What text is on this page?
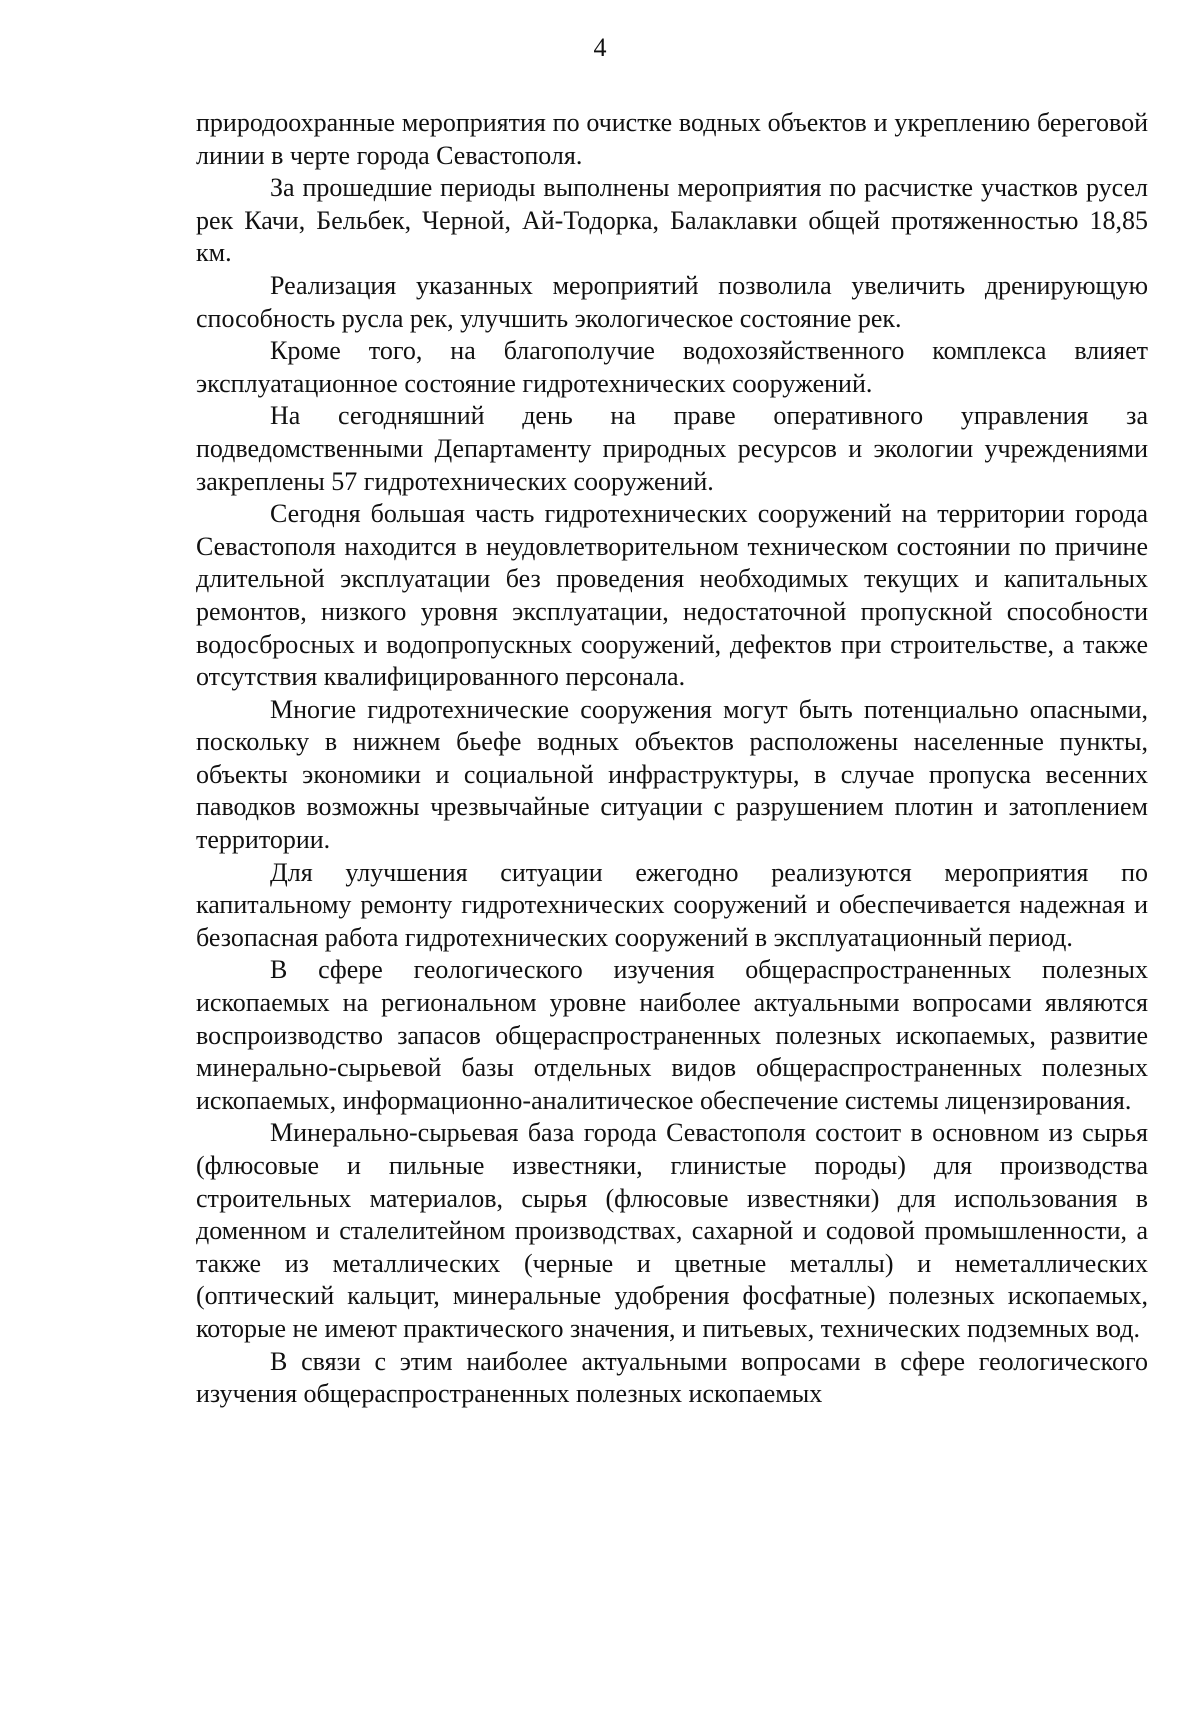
4

природоохранные мероприятия по очистке водных объектов и укреплению береговой линии в черте города Севастополя.

За прошедшие периоды выполнены мероприятия по расчистке участков русел рек Качи, Бельбек, Черной, Ай-Тодорка, Балаклавки общей протяженностью 18,85 км.

Реализация указанных мероприятий позволила увеличить дренирующую способность русла рек, улучшить экологическое состояние рек.

Кроме того, на благополучие водохозяйственного комплекса влияет эксплуатационное состояние гидротехнических сооружений.

На сегодняшний день на праве оперативного управления за подведомственными Департаменту природных ресурсов и экологии учреждениями закреплены 57 гидротехнических сооружений.

Сегодня большая часть гидротехнических сооружений на территории города Севастополя находится в неудовлетворительном техническом состоянии по причине длительной эксплуатации без проведения необходимых текущих и капитальных ремонтов, низкого уровня эксплуатации, недостаточной пропускной способности водосбросных и водопропускных сооружений, дефектов при строительстве, а также отсутствия квалифицированного персонала.

Многие гидротехнические сооружения могут быть потенциально опасными, поскольку в нижнем бьефе водных объектов расположены населенные пункты, объекты экономики и социальной инфраструктуры, в случае пропуска весенних паводков возможны чрезвычайные ситуации с разрушением плотин и затоплением территории.

Для улучшения ситуации ежегодно реализуются мероприятия по капитальному ремонту гидротехнических сооружений и обеспечивается надежная и безопасная работа гидротехнических сооружений в эксплуатационный период.

В сфере геологического изучения общераспространенных полезных ископаемых на региональном уровне наиболее актуальными вопросами являются воспроизводство запасов общераспространенных полезных ископаемых, развитие минерально-сырьевой базы отдельных видов общераспространенных полезных ископаемых, информационно-аналитическое обеспечение системы лицензирования.

Минерально-сырьевая база города Севастополя состоит в основном из сырья (флюсовые и пильные известняки, глинистые породы) для производства строительных материалов, сырья (флюсовые известняки) для использования в доменном и сталелитейном производствах, сахарной и содовой промышленности, а также из металлических (черные и цветные металлы) и неметаллических (оптический кальцит, минеральные удобрения фосфатные) полезных ископаемых, которые не имеют практического значения, и питьевых, технических подземных вод.

В связи с этим наиболее актуальными вопросами в сфере геологического изучения общераспространенных полезных ископаемых
